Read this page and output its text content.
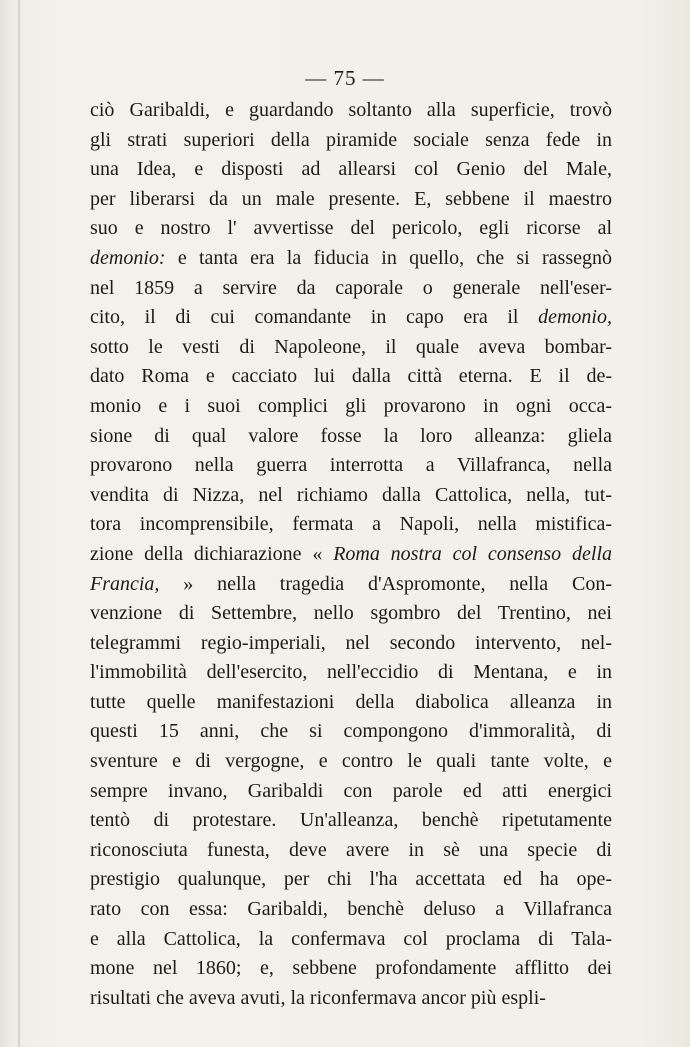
— 75 —
ciò Garibaldi, e guardando soltanto alla superficie, trovò
gli strati superiori della piramide sociale senza fede in
una Idea, e disposti ad allearsi col Genio del Male,
per liberarsi da un male presente. E, sebbene il maestro
suo e nostro l' avvertisse del pericolo, egli ricorse al
demonio: e tanta era la fiducia in quello, che si rassegnò
nel 1859 a servire da caporale o generale nell'eser-
cito, il di cui comandante in capo era il demonio,
sotto le vesti di Napoleone, il quale aveva bombar-
dato Roma e cacciato lui dalla città eterna. E il de-
monio e i suoi complici gli provarono in ogni occa-
sione di qual valore fosse la loro alleanza: gliela
provarono nella guerra interrotta a Villafranca, nella
vendita di Nizza, nel richiamo dalla Cattolica, nella, tut-
tora incomprensibile, fermata a Napoli, nella mistifica-
zione della dichiarazione « Roma nostra col consenso della
Francia, » nella tragedia d'Aspromonte, nella Con-
venzione di Settembre, nello sgombro del Trentino, nei
telegrammi regio-imperiali, nel secondo intervento, nel-
l'immobilità dell'esercito, nell'eccidio di Mentana, e in
tutte quelle manifestazioni della diabolica alleanza in
questi 15 anni, che si compongono d'immoralità, di
sventure e di vergogne, e contro le quali tante volte, e
sempre invano, Garibaldi con parole ed atti energici
tentò di protestare. Un'alleanza, benchè ripetutamente
riconosciuta funesta, deve avere in sè una specie di
prestigio qualunque, per chi l'ha accettata ed ha ope-
rato con essa: Garibaldi, benchè deluso a Villafranca
e alla Cattolica, la confermava col proclama di Tala-
mone nel 1860; e, sebbene profondamente afflitto dei
risultati che aveva avuti, la riconfermava ancor più espli-
